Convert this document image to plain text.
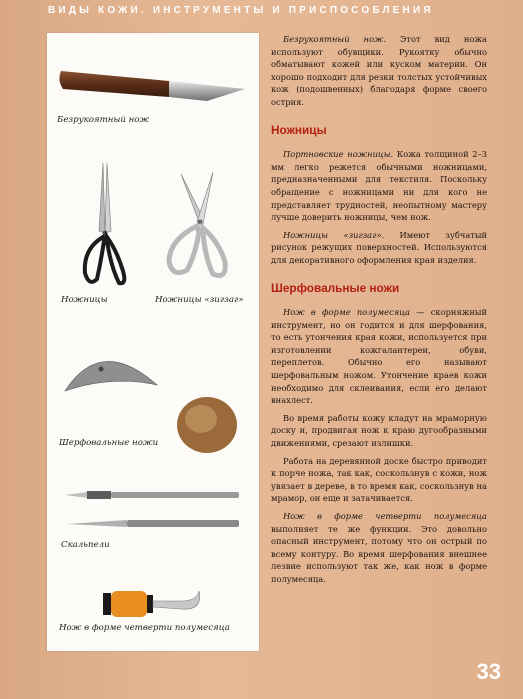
ВИДЫ КОЖИ. ИНСТРУМЕНТЫ И ПРИСПОСОБЛЕНИЯ
Безрукоятный нож
Ножницы	Ножницы «зигзаг»
Шерфовальные ножи
Скальпели
Нож в форме четверти полумесяца

Безрукоятный нож. Этот вид ножа используют обувщики. Рукоятку обычно обматывают кожей или куском материи. Он хорошо подходит для резки толстых устойчивых кож (подошвенных) благодаря форме своего острия.

Ножницы

Портновские ножницы. Кожа толщиной 2–3 мм легко режется обычными ножницами, предназначенными для текстиля. Поскольку обращение с ножницами ни для кого не представляет трудностей, неопытному мастеру лучше доверить ножницы, чем нож.

Ножницы «зигзаг». Имеют зубчатый рисунок режущих поверхностей. Используются для декоративного оформления края изделия.

Шерфовальные ножи

Нож в форме полумесяца — скорняжный инструмент, но он годится и для шерфования, то есть утончения края кожи, используется при изготовлении кожгалантереи, обуви, переплетов. Обычно его называют шерфовальным ножом. Утончение краев кожи необходимо для склеивания, если его делают внахлест.

Во время работы кожу кладут на мраморную доску и, продвигая нож к краю дугообразными движениями, срезают излишки.

Работа на деревянной доске быстро приводит к порче ножа, так как, соскользнув с кожи, нож увязает в дереве, в то время как, соскользнув на мрамор, он еще и затачивается.

Нож в форме четверти полумесяца выполняет те же функции. Это довольно опасный инструмент, потому что он острый по всему контуру. Во время шерфования внешнее лезвие используют так же, как нож в форме полумесяца.

33
